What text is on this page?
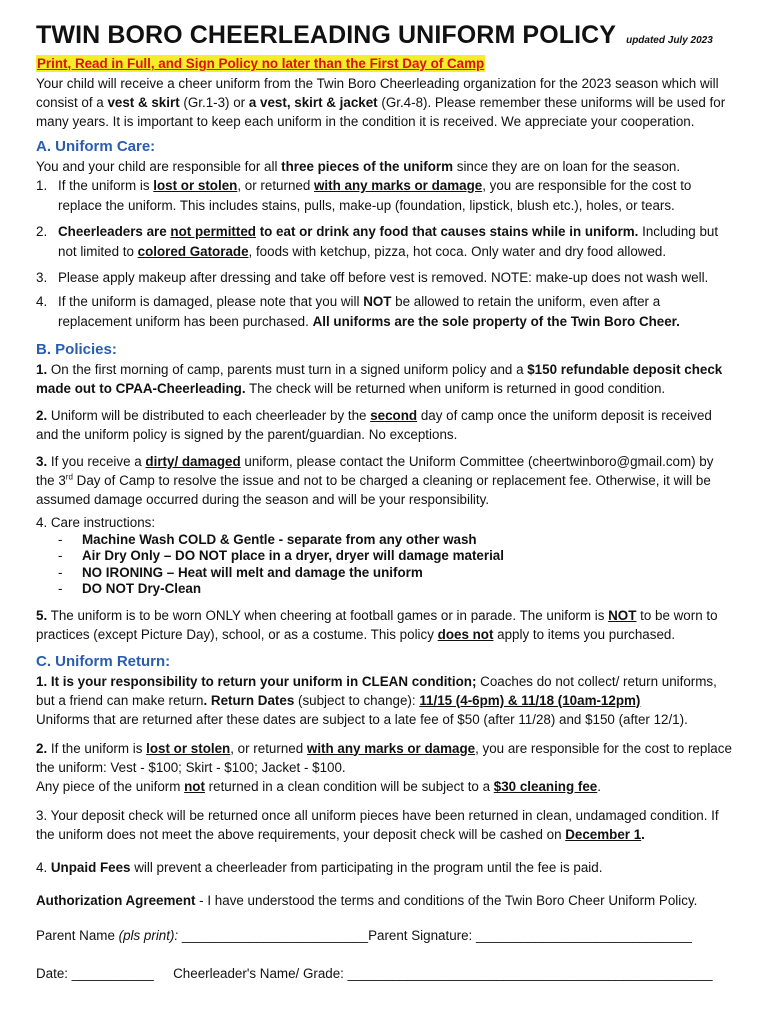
TWIN BORO CHEERLEADING UNIFORM POLICY updated July 2023
Print, Read in Full, and Sign Policy no later than the First Day of Camp

Your child will receive a cheer uniform from the Twin Boro Cheerleading organization for the 2023 season which will consist of a vest & skirt (Gr.1-3) or a vest, skirt & jacket (Gr.4-8). Please remember these uniforms will be used for many years. It is important to keep each uniform in the condition it is received. We appreciate your cooperation.

A. Uniform Care:

You and your child are responsible for all three pieces of the uniform since they are on loan for the season.

1. If the uniform is lost or stolen, or returned with any marks or damage, you are responsible for the cost to replace the uniform. This includes stains, pulls, make-up (foundation, lipstick, blush etc.), holes, or tears.
2. Cheerleaders are not permitted to eat or drink any food that causes stains while in uniform. Including but not limited to colored Gatorade, foods with ketchup, pizza, hot coca. Only water and dry food allowed.
3. Please apply makeup after dressing and take off before vest is removed. NOTE: make-up does not wash well.
4. If the uniform is damaged, please note that you will NOT be allowed to retain the uniform, even after a replacement uniform has been purchased. All uniforms are the sole property of the Twin Boro Cheer.
B. Policies:

1. On the first morning of camp, parents must turn in a signed uniform policy and a $150 refundable deposit check made out to CPAA-Cheerleading. The check will be returned when uniform is returned in good condition.

2. Uniform will be distributed to each cheerleader by the second day of camp once the uniform deposit is received and the uniform policy is signed by the parent/guardian. No exceptions.

3. If you receive a dirty/ damaged uniform, please contact the Uniform Committee (cheertwinboro@gmail.com) by the 3rd Day of Camp to resolve the issue and not to be charged a cleaning or replacement fee. Otherwise, it will be assumed damage occurred during the season and will be your responsibility.

4. Care instructions:
-	Machine Wash COLD & Gentle - separate from any other wash
-	Air Dry Only – DO NOT place in a dryer, dryer will damage material
-	NO IRONING – Heat will melt and damage the uniform
-	DO NOT Dry-Clean

5. The uniform is to be worn ONLY when cheering at football games or in parade. The uniform is NOT to be worn to practices (except Picture Day), school, or as a costume. This policy does not apply to items you purchased.

C. Uniform Return:

1. It is your responsibility to return your uniform in CLEAN condition; Coaches do not collect/ return uniforms, but a friend can make return. Return Dates (subject to change): 11/15 (4-6pm) & 11/18 (10am-12pm)
Uniforms that are returned after these dates are subject to a late fee of $50 (after 11/28) and $150 (after 12/1).

2. If the uniform is lost or stolen, or returned with any marks or damage, you are responsible for the cost to replace the uniform: Vest - $100; Skirt - $100; Jacket - $100.
Any piece of the uniform not returned in a clean condition will be subject to a $30 cleaning fee.

3. Your deposit check will be returned once all uniform pieces have been returned in clean, undamaged condition. If the uniform does not meet the above requirements, your deposit check will be cashed on December 1.

4. Unpaid Fees will prevent a cheerleader from participating in the program until the fee is paid.

Authorization Agreement - I have understood the terms and conditions of the Twin Boro Cheer Uniform Policy.

Parent Name (pls print): _________________________Parent Signature: _____________________________
Date: ___________ Cheerleader's Name/ Grade: _________________________________________________
